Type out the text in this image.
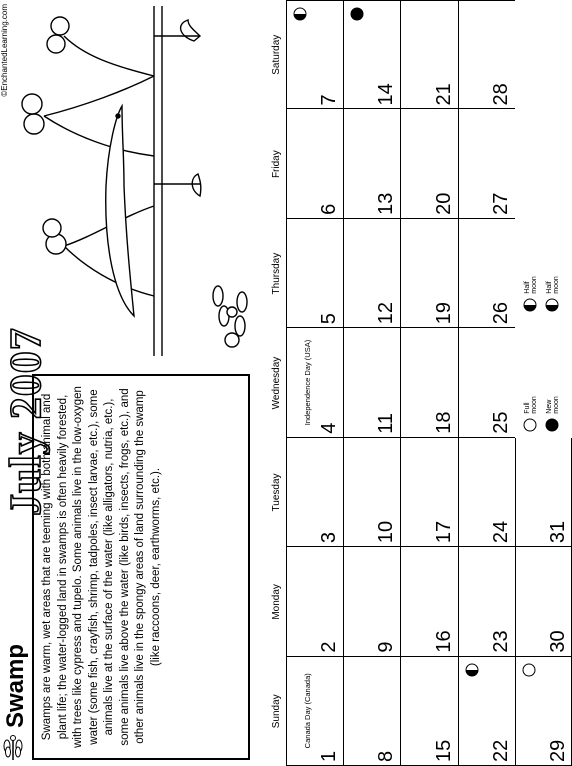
©EnchantedLearning.com
Swamp
July 2007
Swamps are warm, wet areas that are teeming with both animal and plant life; the water-logged land in swamps is often heavily forested, with trees like cypress and tupelo. Some animals live in the low-oxygen water (some fish, crayfish, shrimp, tadpoles, insect larvae, etc.), some animals live at the surface of the water (like alligators, nutria, etc.), some animals live above the water (like birds, insects, frogs, etc.), and other animals live in the spongy areas of land surrounding the swamp (like raccoons, deer, earthworms, etc.).
Sunday
Monday
Tuesday
Wednesday
Thursday
Friday
Saturday
1
Canada Day (Canada)
2
3
4
Independence Day (USA)
5
6
7
8
9
10
11
12
13
14
15
16
17
18
19
20
21
22
23
24
25
26
27
28
29
30
31
Full moon New moon
Half moon Half moon
